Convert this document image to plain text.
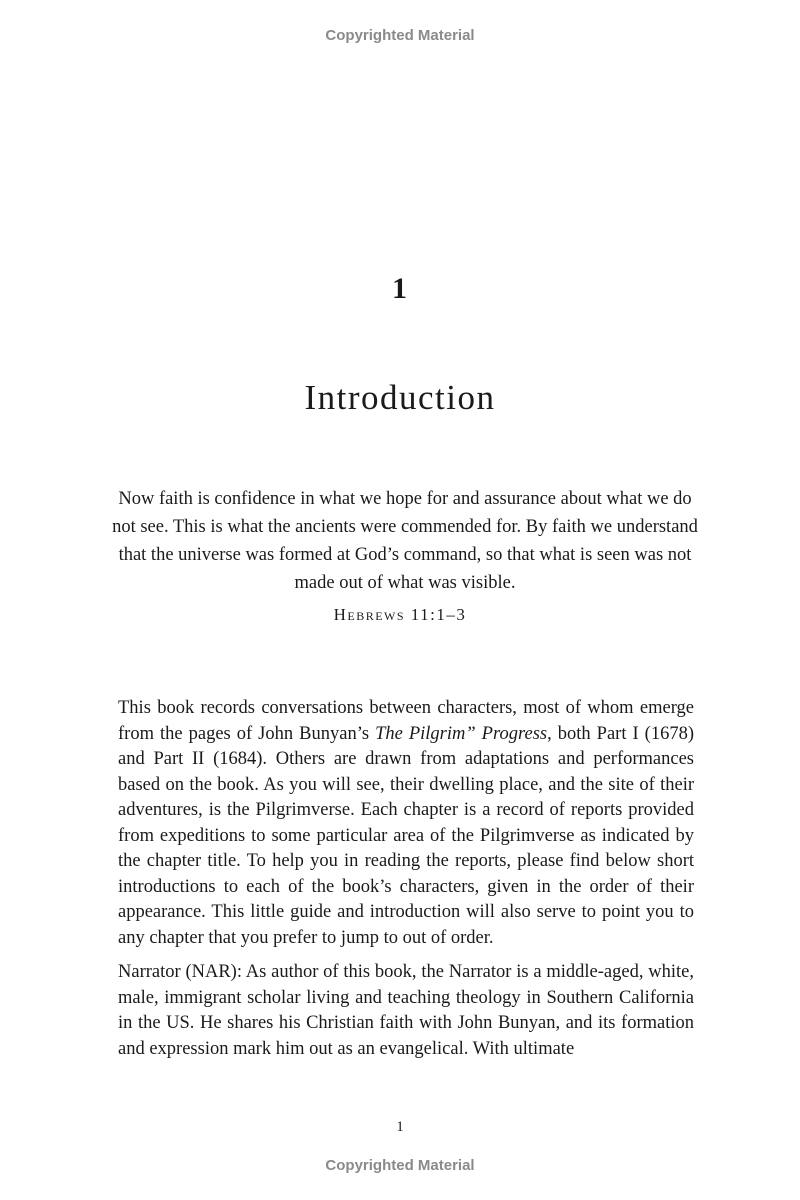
Copyrighted Material
1
Introduction
Now faith is confidence in what we hope for and assurance about what we do not see. This is what the ancients were commended for. By faith we understand that the universe was formed at God’s command, so that what is seen was not made out of what was visible.
Hebrews 11:1–3

This book records conversations between characters, most of whom emerge from the pages of John Bunyan’s The Pilgrim” Progress, both Part I (1678) and Part II (1684). Others are drawn from adaptations and performances based on the book. As you will see, their dwelling place, and the site of their adventures, is the Pilgrimverse. Each chapter is a record of reports provided from expeditions to some particular area of the Pilgrimverse as indicated by the chapter title. To help you in reading the reports, please find below short introductions to each of the book’s characters, given in the order of their appearance. This little guide and introduction will also serve to point you to any chapter that you prefer to jump to out of order.

Narrator (NAR): As author of this book, the Narrator is a middle-aged, white, male, immigrant scholar living and teaching theology in Southern California in the US. He shares his Christian faith with John Bunyan, and its formation and expression mark him out as an evangelical. With ultimate

1
Copyrighted Material
